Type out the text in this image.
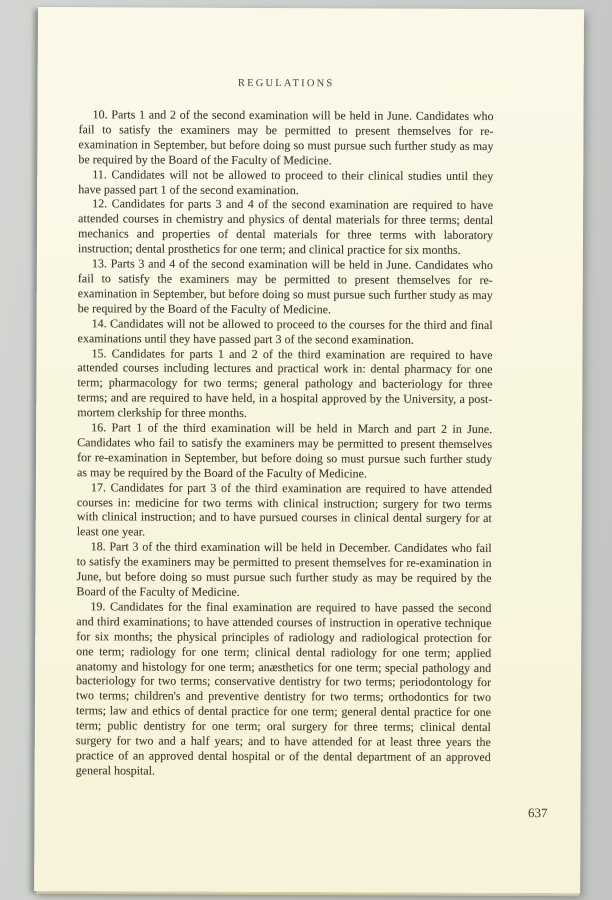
REGULATIONS

10. Parts 1 and 2 of the second examination will be held in June. Candidates who fail to satisfy the examiners may be permitted to present themselves for re-examination in September, but before doing so must pursue such further study as may be required by the Board of the Faculty of Medicine.

11. Candidates will not be allowed to proceed to their clinical studies until they have passed part 1 of the second examination.

12. Candidates for parts 3 and 4 of the second examination are required to have attended courses in chemistry and physics of dental materials for three terms; dental mechanics and properties of dental materials for three terms with laboratory instruction; dental prosthetics for one term; and clinical practice for six months.

13. Parts 3 and 4 of the second examination will be held in June. Candidates who fail to satisfy the examiners may be permitted to present themselves for re-examination in September, but before doing so must pursue such further study as may be required by the Board of the Faculty of Medicine.

14. Candidates will not be allowed to proceed to the courses for the third and final examinations until they have passed part 3 of the second examination.

15. Candidates for parts 1 and 2 of the third examination are required to have attended courses including lectures and practical work in: dental pharmacy for one term; pharmacology for two terms; general pathology and bacteriology for three terms; and are required to have held, in a hospital approved by the University, a post-mortem clerkship for three months.

16. Part 1 of the third examination will be held in March and part 2 in June. Candidates who fail to satisfy the examiners may be permitted to present themselves for re-examination in September, but before doing so must pursue such further study as may be required by the Board of the Faculty of Medicine.

17. Candidates for part 3 of the third examination are required to have attended courses in: medicine for two terms with clinical instruction; surgery for two terms with clinical instruction; and to have pursued courses in clinical dental surgery for at least one year.

18. Part 3 of the third examination will be held in December. Candidates who fail to satisfy the examiners may be permitted to present themselves for re-examination in June, but before doing so must pursue such further study as may be required by the Board of the Faculty of Medicine.

19. Candidates for the final examination are required to have passed the second and third examinations; to have attended courses of instruction in operative technique for six months; the physical principles of radiology and radiological protection for one term; radiology for one term; clinical dental radiology for one term; applied anatomy and histology for one term; anæsthetics for one term; special pathology and bacteriology for two terms; conservative dentistry for two terms; periodontology for two terms; children's and preventive dentistry for two terms; orthodontics for two terms; law and ethics of dental practice for one term; general dental practice for one term; public dentistry for one term; oral surgery for three terms; clinical dental surgery for two and a half years; and to have attended for at least three years the practice of an approved dental hospital or of the dental department of an approved general hospital.

637
